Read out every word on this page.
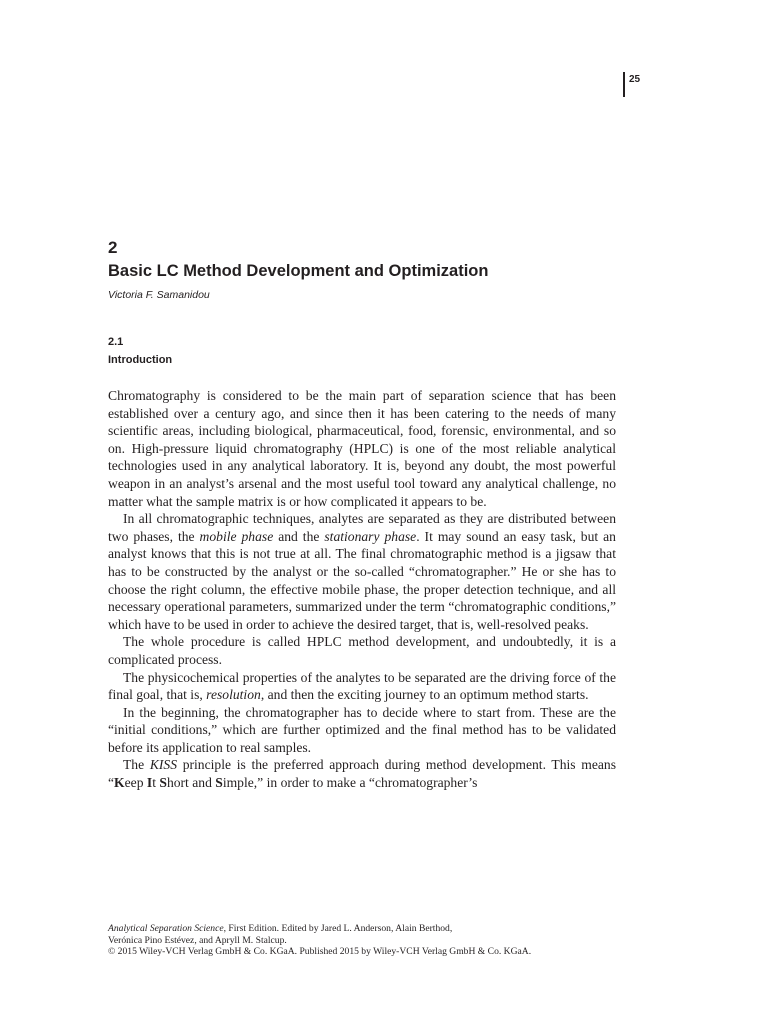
25
2
Basic LC Method Development and Optimization
Victoria F. Samanidou
2.1
Introduction

Chromatography is considered to be the main part of separation science that has been established over a century ago, and since then it has been catering to the needs of many scientific areas, including biological, pharmaceutical, food, forensic, environmental, and so on. High-pressure liquid chromatography (HPLC) is one of the most reliable analytical technologies used in any analytical laboratory. It is, beyond any doubt, the most powerful weapon in an analyst’s arsenal and the most useful tool toward any analytical challenge, no matter what the sample matrix is or how complicated it appears to be.

In all chromatographic techniques, analytes are separated as they are distributed between two phases, the mobile phase and the stationary phase. It may sound an easy task, but an analyst knows that this is not true at all. The final chromatographic method is a jigsaw that has to be constructed by the analyst or the so-called “chromatographer.” He or she has to choose the right column, the effective mobile phase, the proper detection technique, and all necessary operational parameters, summarized under the term “chromatographic conditions,” which have to be used in order to achieve the desired target, that is, well-resolved peaks.

The whole procedure is called HPLC method development, and undoubtedly, it is a complicated process.

The physicochemical properties of the analytes to be separated are the driving force of the final goal, that is, resolution, and then the exciting journey to an optimum method starts.

In the beginning, the chromatographer has to decide where to start from. These are the “initial conditions,” which are further optimized and the final method has to be validated before its application to real samples.

The KISS principle is the preferred approach during method development. This means “Keep It Short and Simple,” in order to make a “chromatographer’s

Analytical Separation Science, First Edition. Edited by Jared L. Anderson, Alain Berthod,
Verónica Pino Estévez, and Apryll M. Stalcup.
© 2015 Wiley-VCH Verlag GmbH & Co. KGaA. Published 2015 by Wiley-VCH Verlag GmbH & Co. KGaA.
